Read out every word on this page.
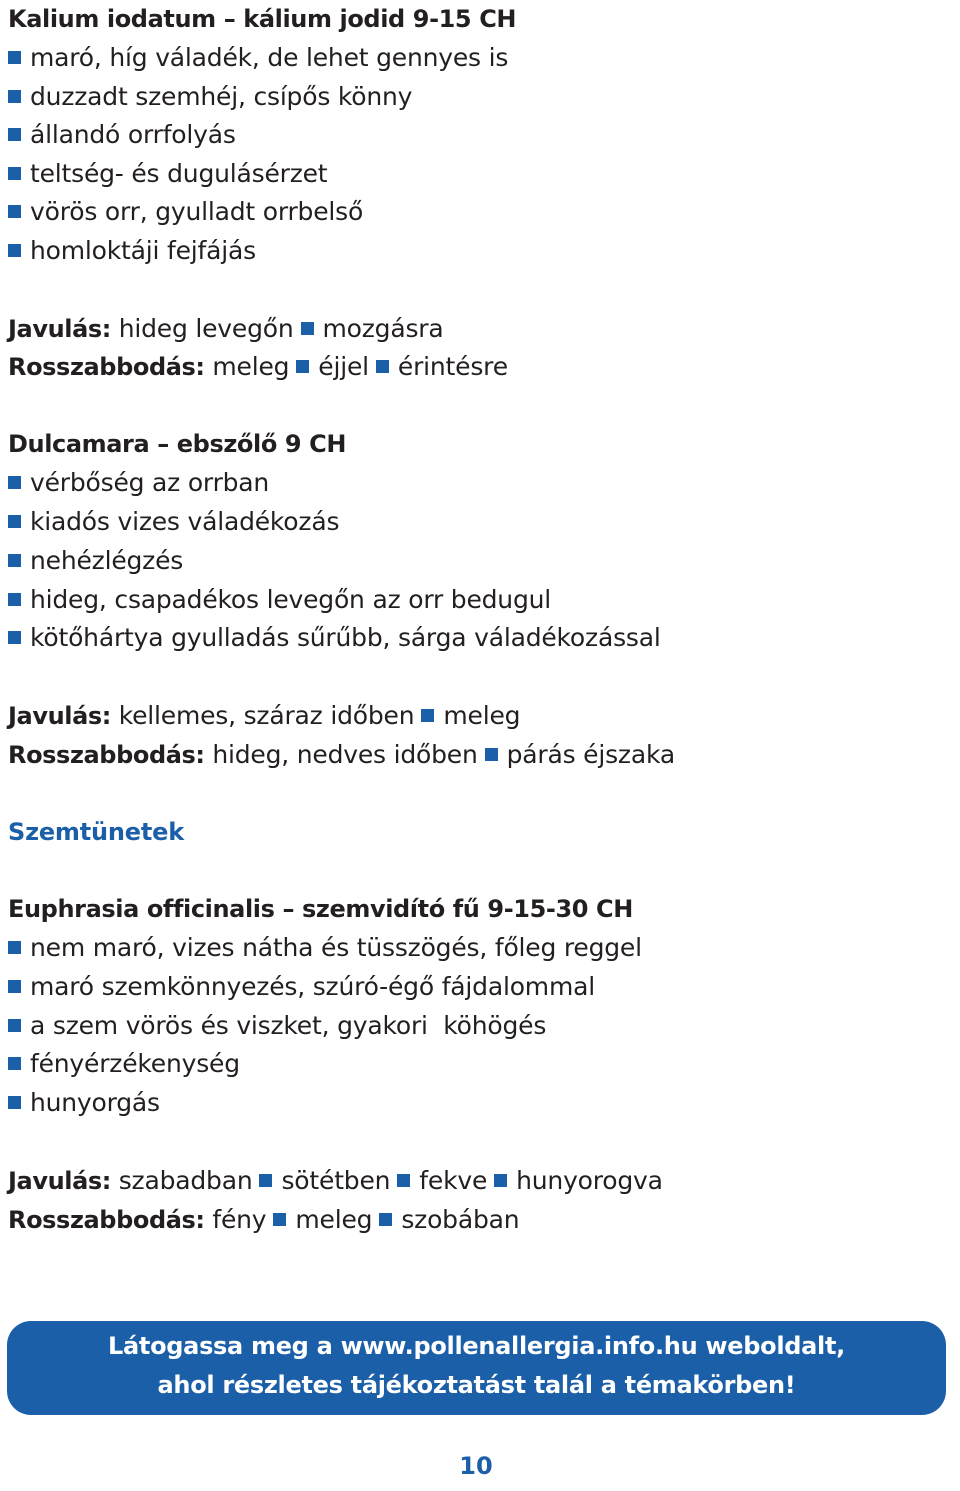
Kalium iodatum – kálium jodid 9-15 CH
maró, híg váladék, de lehet gennyes is
duzzadt szemhéj, csípős könny
állandó orrfolyás
teltség- és dugulásérzet
vörös orr, gyulladt orrbelső
homloktáji fejfájás
Javulás: hideg levegőn mozgásra
Rosszabbodás: meleg éjjel érintésre
Dulcamara – ebszőlő 9 CH
vérbőség az orrban
kiadós vizes váladékozás
nehézlégzés
hideg, csapadékos levegőn az orr bedugul
kötőhártya gyulladás sűrűbb, sárga váladékozással
Javulás: kellemes, száraz időben meleg
Rosszabbodás: hideg, nedves időben párás éjszaka
Szemtünetek
Euphrasia officinalis – szemvidító fű 9-15-30 CH
nem maró, vizes nátha és tüsszögés, főleg reggel
maró szemkönnyezés, szúró-égő fájdalommal
a szem vörös és viszket, gyakori  köhögés
fényérzékenység
hunyorgás
Javulás: szabadban sötétben fekve hunyorogva
Rosszabbodás: fény meleg szobában
Látogassa meg a www.pollenallergia.info.hu weboldalt,
ahol részletes tájékoztatást talál a témakörben!
10
